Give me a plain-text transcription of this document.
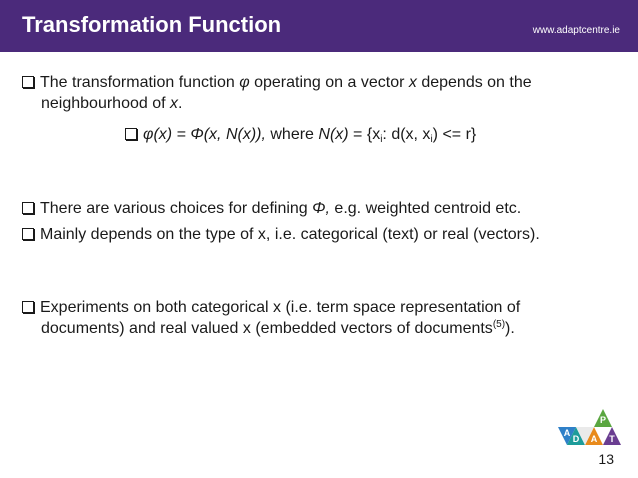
Transformation Function	www.adaptcentre.ie
The transformation function φ operating on a vector x depends on the
neighbourhood of x.
φ(x) = Φ(x, N(x)), where $N(x) = \{x_i$: d(x, $x_i) <= r$}
There are various choices for defining Φ, e.g. weighted centroid etc.
Mainly depends on the type of x, i.e. categorical (text) or real (vectors).
Experiments on both categorical x (i.e. term space representation of
documents) and real valued x (embedded vectors of documents$^{(5)}$).
A
D A
P
T
13
